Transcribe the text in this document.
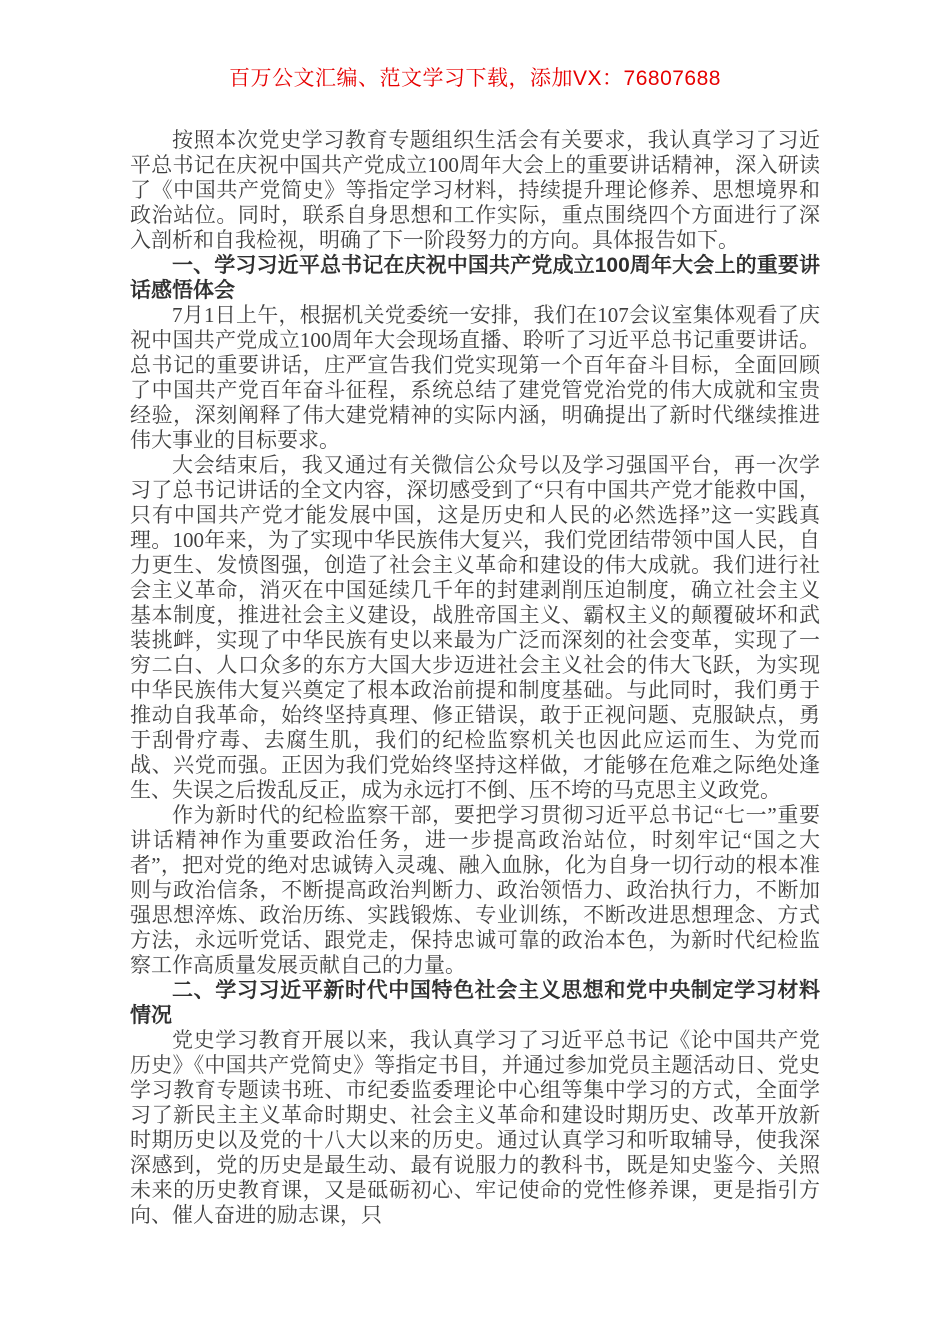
百万公文汇编、范文学习下载，添加VX：76807688

按照本次党史学习教育专题组织生活会有关要求，我认真学习了习近平总书记在庆祝中国共产党成立100周年大会上的重要讲话精神，深入研读了《中国共产党简史》等指定学习材料，持续提升理论修养、思想境界和政治站位。同时，联系自身思想和工作实际，重点围绕四个方面进行了深入剖析和自我检视，明确了下一阶段努力的方向。具体报告如下。

一、学习习近平总书记在庆祝中国共产党成立100周年大会上的重要讲话感悟体会

7月1日上午，根据机关党委统一安排，我们在107会议室集体观看了庆祝中国共产党成立100周年大会现场直播、聆听了习近平总书记重要讲话。总书记的重要讲话，庄严宣告我们党实现第一个百年奋斗目标，全面回顾了中国共产党百年奋斗征程，系统总结了建党管党治党的伟大成就和宝贵经验，深刻阐释了伟大建党精神的实际内涵，明确提出了新时代继续推进伟大事业的目标要求。

大会结束后，我又通过有关微信公众号以及学习强国平台，再一次学习了总书记讲话的全文内容，深切感受到了“只有中国共产党才能救中国，只有中国共产党才能发展中国，这是历史和人民的必然选择”这一实践真理。100年来，为了实现中华民族伟大复兴，我们党团结带领中国人民，自力更生、发愤图强，创造了社会主义革命和建设的伟大成就。我们进行社会主义革命，消灭在中国延续几千年的封建剥削压迫制度，确立社会主义基本制度，推进社会主义建设，战胜帝国主义、霸权主义的颠覆破坏和武装挑衅，实现了中华民族有史以来最为广泛而深刻的社会变革，实现了一穷二白、人口众多的东方大国大步迈进社会主义社会的伟大飞跃，为实现中华民族伟大复兴奠定了根本政治前提和制度基础。与此同时，我们勇于推动自我革命，始终坚持真理、修正错误，敢于正视问题、克服缺点，勇于刮骨疗毒、去腐生肌，我们的纪检监察机关也因此应运而生、为党而战、兴党而强。正因为我们党始终坚持这样做，才能够在危难之际绝处逢生、失误之后拨乱反正，成为永远打不倒、压不垮的马克思主义政党。

作为新时代的纪检监察干部，要把学习贯彻习近平总书记“七一”重要讲话精神作为重要政治任务，进一步提高政治站位，时刻牢记“国之大者”，把对党的绝对忠诚铸入灵魂、融入血脉，化为自身一切行动的根本准则与政治信条，不断提高政治判断力、政治领悟力、政治执行力，不断加强思想淬炼、政治历练、实践锻炼、专业训练，不断改进思想理念、方式方法，永远听党话、跟党走，保持忠诚可靠的政治本色，为新时代纪检监察工作高质量发展贡献自己的力量。

二、学习习近平新时代中国特色社会主义思想和党中央制定学习材料情况

党史学习教育开展以来，我认真学习了习近平总书记《论中国共产党历史》《中国共产党简史》等指定书目，并通过参加党员主题活动日、党史学习教育专题读书班、市纪委监委理论中心组等集中学习的方式，全面学习了新民主主义革命时期史、社会主义革命和建设时期历史、改革开放新时期历史以及党的十八大以来的历史。通过认真学习和听取辅导，使我深深感到，党的历史是最生动、最有说服力的教科书，既是知史鉴今、关照未来的历史教育课，又是砥砺初心、牢记使命的党性修养课，更是指引方向、催人奋进的励志课，只
